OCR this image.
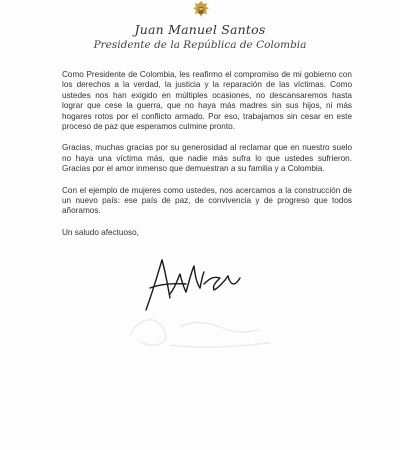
Juan Manuel Santos
Presidente de la República de Colombia

Como Presidente de Colombia, les reafirmo el compromiso de mi gobierno con los derechos a la verdad, la justicia y la reparación de las víctimas. Como ustedes nos han exigido en múltiples ocasiones, no descansaremos hasta lograr que cese la guerra, que no haya más madres sin sus hijos, ni más hogares rotos por el conflicto armado. Por eso, trabajamos sin cesar en este proceso de paz que esperamos culmine pronto.

Gracias, muchas gracias por su generosidad al reclamar que en nuestro suelo no haya una víctima más, que nadie más sufra lo que ustedes sufrieron. Gracias por el amor inmenso que demuestran a su familia y a Colombia.

Con el ejemplo de mujeres como ustedes, nos acercamos a la construcción de un nuevo país: ese país de paz, de convivencia y de progreso que todos añoramos.

Un saludo afectuoso,
